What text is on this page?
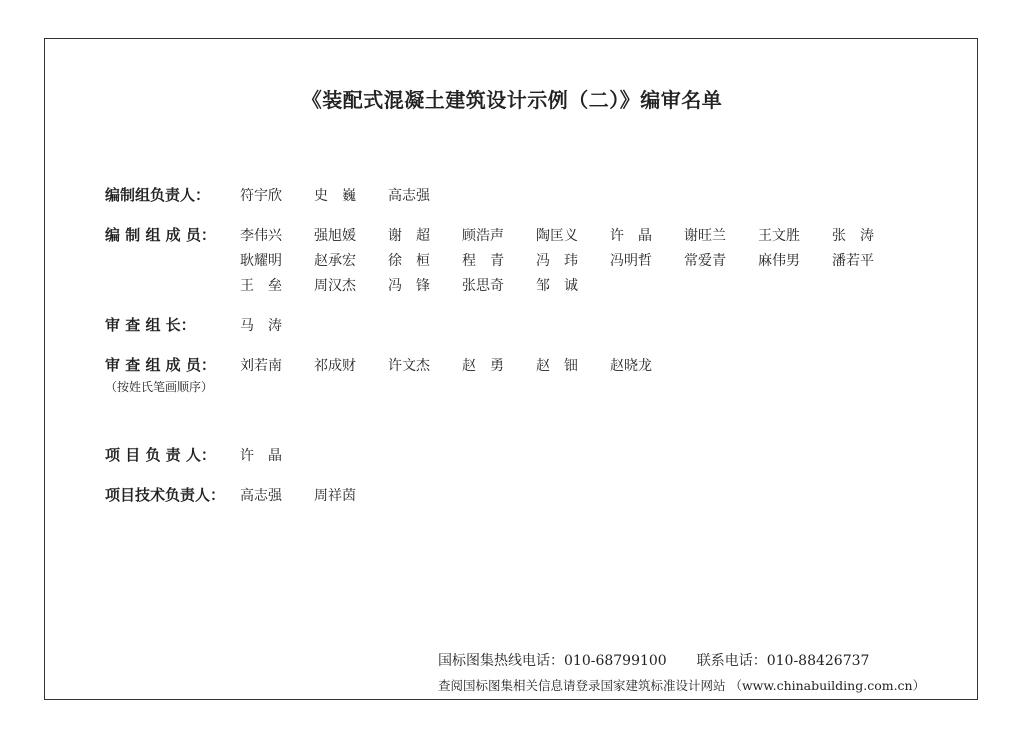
《装配式混凝土建筑设计示例（二）》编审名单
编制组负责人： 符宇欣 史　巍 高志强
编 制 组 成 员： 李伟兴 强旭媛 谢　超 顾浩声 陶匡义 许　晶 谢旺兰 王文胜 张　涛
耿耀明 赵承宏 徐　桓 程　青 冯　玮 冯明哲 常爱青 麻伟男 潘若平
王　垒 周汉杰 冯　锋 张思奇 邹　诚
审 查 组 长：	马　涛
审 查 组 成 员：
（按姓氏笔画顺序）
刘若南 祁成财 许文杰 赵　勇 赵　钿 赵晓龙
项 目 负 责 人： 许　晶
项目技术负责人： 高志强 周祥茵
国标图集热线电话：010-68799100 联系电话：010-88426737
查阅国标图集相关信息请登录国家建筑标准设计网站 （www.chinabuilding.com.cn）
